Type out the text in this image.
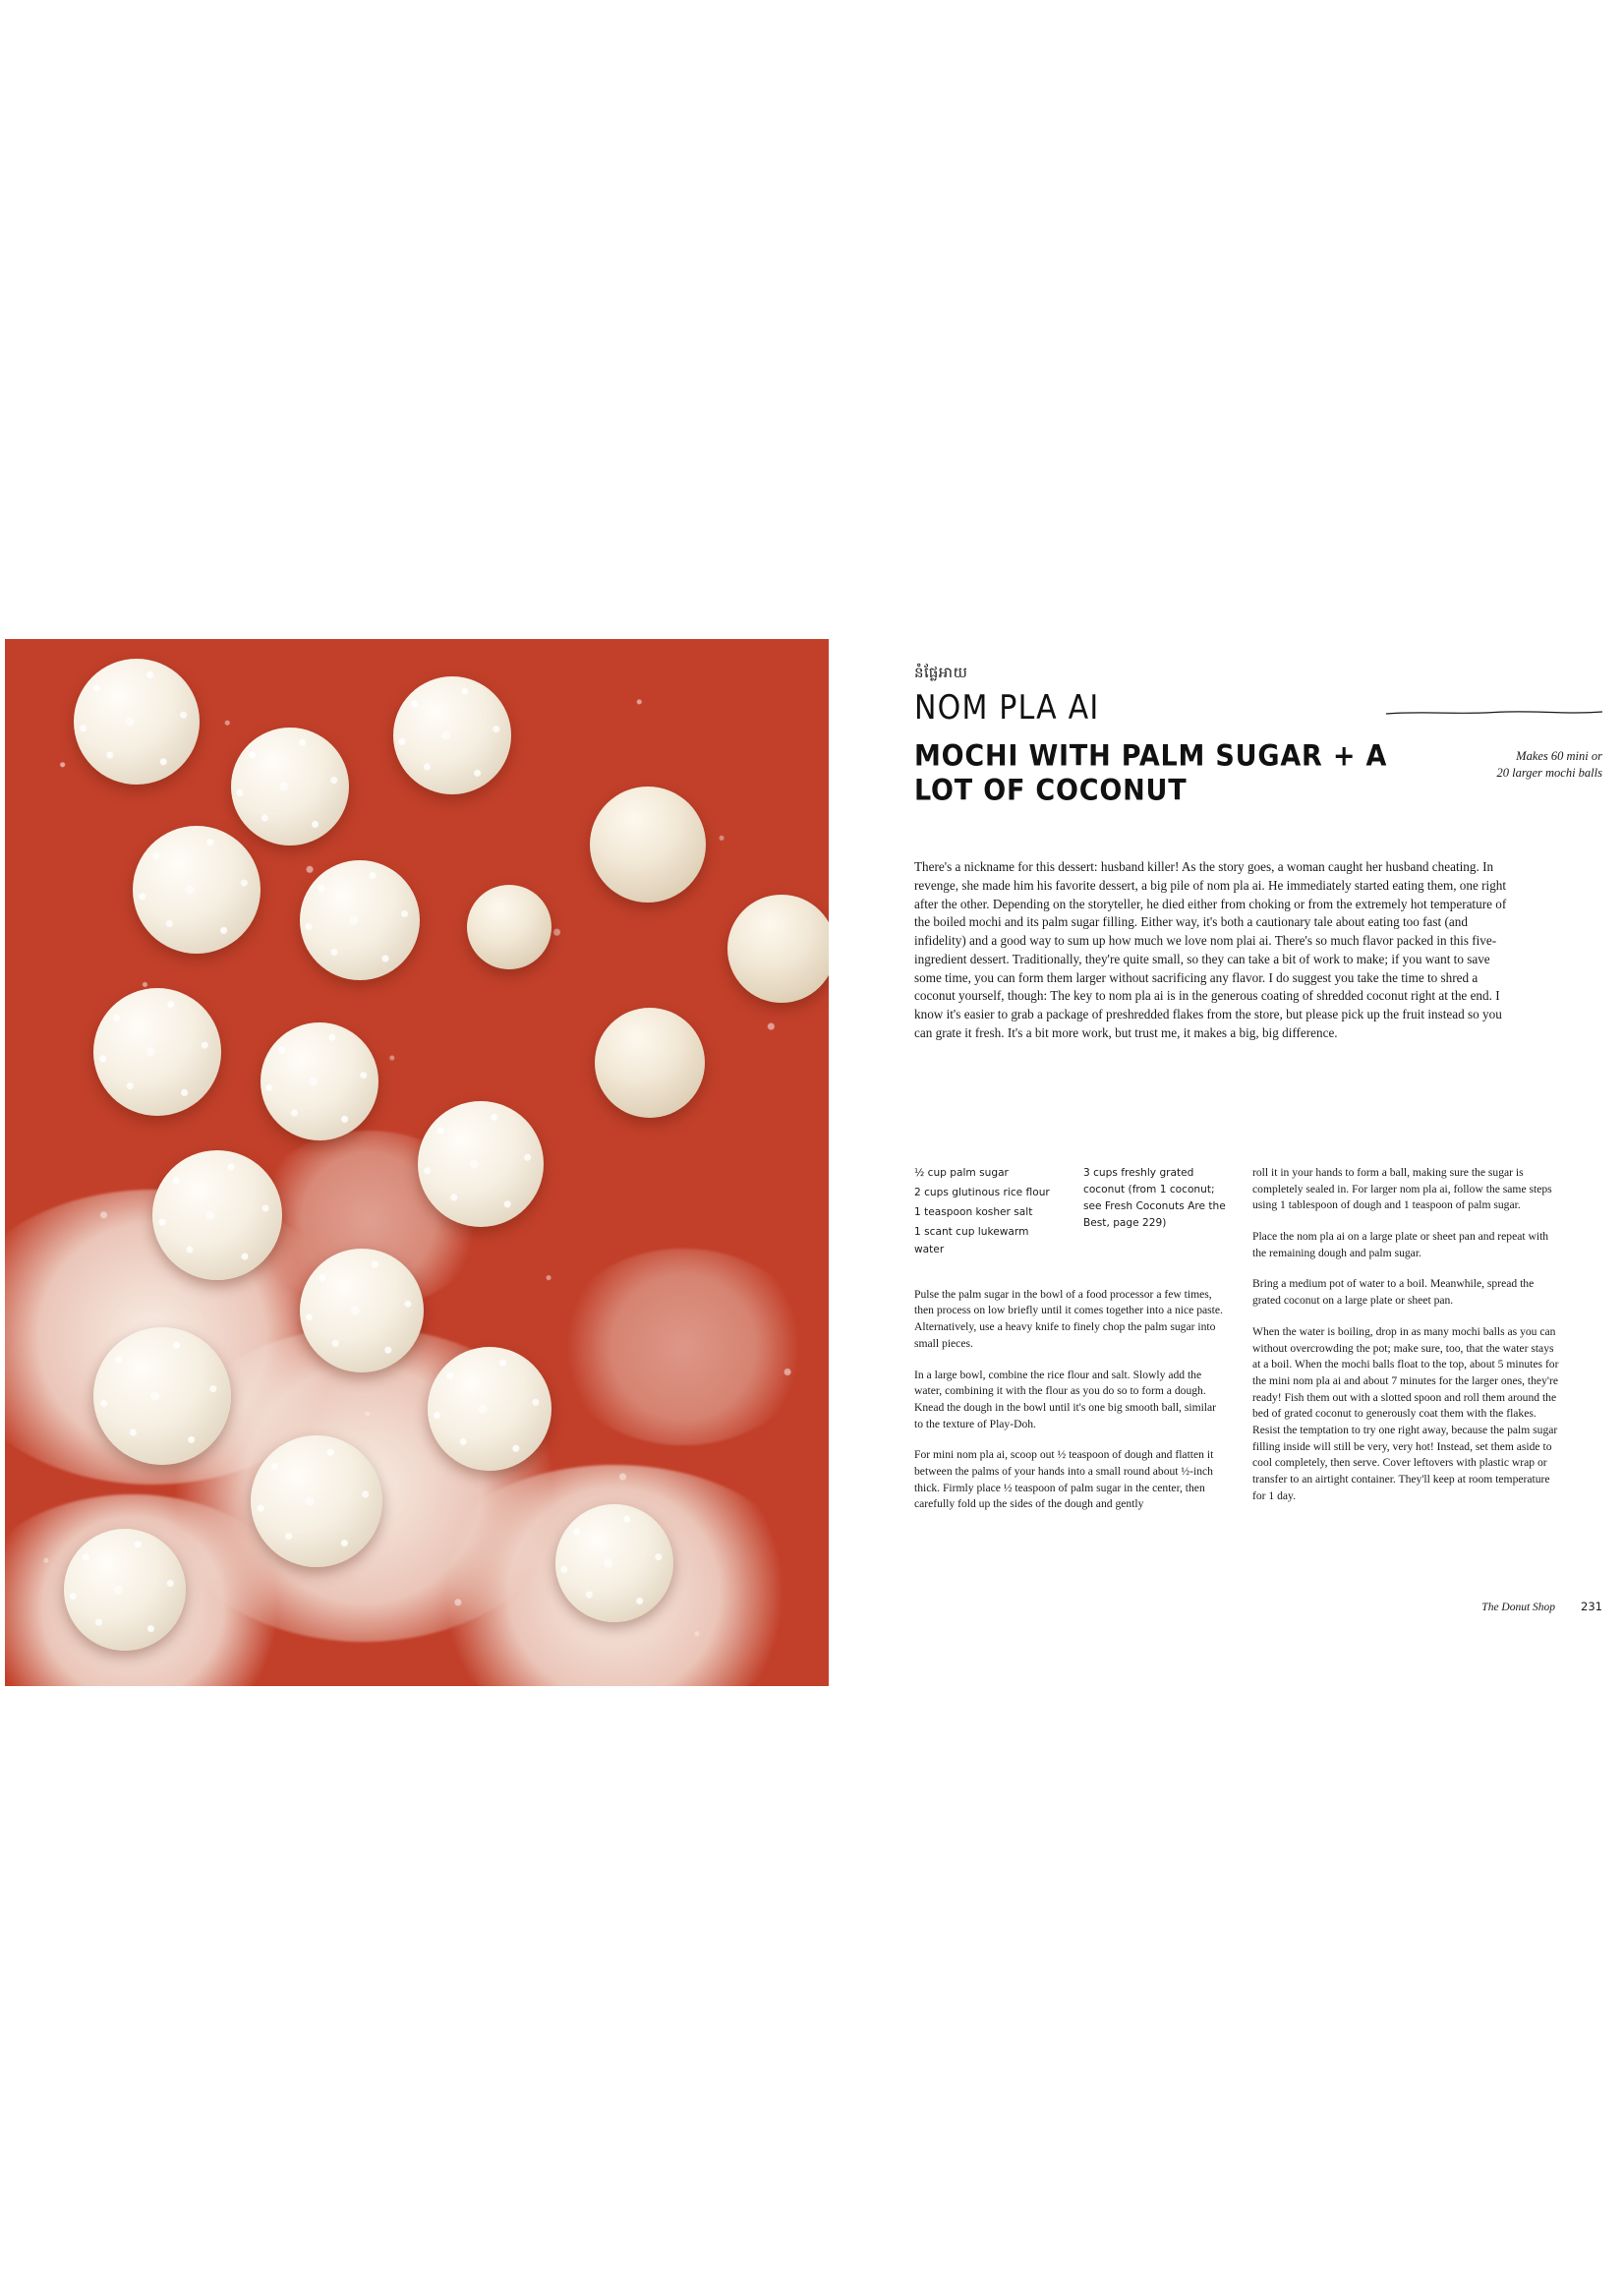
នំផ្លែអាយ

NOM PLA AI
Makes 60 mini or
20 larger mochi balls
MOCHI WITH PALM SUGAR + A LOT OF COCONUT

There's a nickname for this dessert: husband killer! As the story goes, a woman caught her husband cheating. In revenge, she made him his favorite dessert, a big pile of nom pla ai. He immediately started eating them, one right after the other. Depending on the storyteller, he died either from choking or from the extremely hot temperature of the boiled mochi and its palm sugar filling. Either way, it's both a cautionary tale about eating too fast (and infidelity) and a good way to sum up how much we love nom plai ai. There's so much flavor packed in this five-ingredient dessert. Traditionally, they're quite small, so they can take a bit of work to make; if you want to save some time, you can form them larger without sacrificing any flavor. I do suggest you take the time to shred a coconut yourself, though: The key to nom pla ai is in the generous coating of shredded coconut right at the end. I know it's easier to grab a package of preshredded flakes from the store, but please pick up the fruit instead so you can grate it fresh. It's a bit more work, but trust me, it makes a big, big difference.

½ cup palm sugar
2 cups glutinous rice flour
1 teaspoon kosher salt
1 scant cup lukewarm water
3 cups freshly grated coconut (from 1 coconut; see Fresh Coconuts Are the Best, page 229)

Pulse the palm sugar in the bowl of a food processor a few times, then process on low briefly until it comes together into a nice paste. Alternatively, use a heavy knife to finely chop the palm sugar into small pieces.

In a large bowl, combine the rice flour and salt. Slowly add the water, combining it with the flour as you do so to form a dough. Knead the dough in the bowl until it's one big smooth ball, similar to the texture of Play-Doh.

For mini nom pla ai, scoop out ½ teaspoon of dough and flatten it between the palms of your hands into a small round about ½-inch thick. Firmly place ½ teaspoon of palm sugar in the center, then carefully fold up the sides of the dough and gently

roll it in your hands to form a ball, making sure the sugar is completely sealed in. For larger nom pla ai, follow the same steps using 1 tablespoon of dough and 1 teaspoon of palm sugar.

Place the nom pla ai on a large plate or sheet pan and repeat with the remaining dough and palm sugar.

Bring a medium pot of water to a boil. Meanwhile, spread the grated coconut on a large plate or sheet pan.

When the water is boiling, drop in as many mochi balls as you can without overcrowding the pot; make sure, too, that the water stays at a boil. When the mochi balls float to the top, about 5 minutes for the mini nom pla ai and about 7 minutes for the larger ones, they're ready! Fish them out with a slotted spoon and roll them around the bed of grated coconut to generously coat them with the flakes. Resist the temptation to try one right away, because the palm sugar filling inside will still be very, very hot! Instead, set them aside to cool completely, then serve. Cover leftovers with plastic wrap or transfer to an airtight container. They'll keep at room temperature for 1 day.

The Donut Shop 231
